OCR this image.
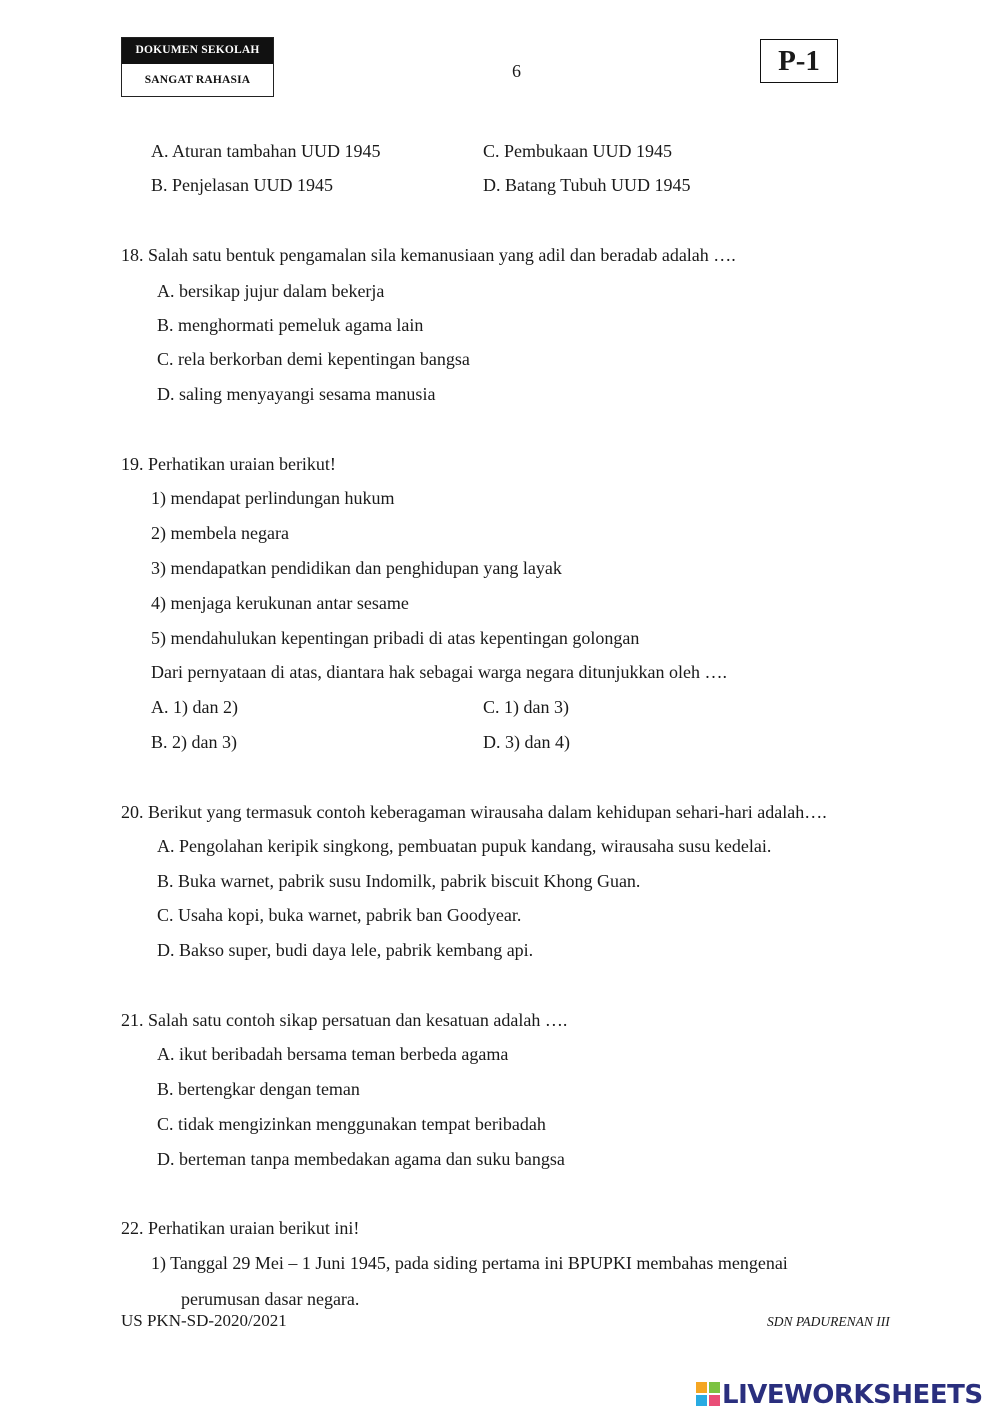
DOKUMEN SEKOLAH
SANGAT RAHASIA	6	P-1
A. Aturan tambahan UUD 1945	C. Pembukaan UUD 1945
B. Penjelasan UUD 1945	D. Batang Tubuh UUD 1945
18. Salah satu bentuk pengamalan sila kemanusiaan yang adil dan beradab adalah ….
A. bersikap jujur dalam bekerja
B. menghormati pemeluk agama lain
C. rela berkorban demi kepentingan bangsa
D. saling menyayangi sesama manusia
19. Perhatikan uraian berikut!
1) mendapat perlindungan hukum
2) membela negara
3) mendapatkan pendidikan dan penghidupan yang layak
4) menjaga kerukunan antar sesame
5) mendahulukan kepentingan pribadi di atas kepentingan golongan
Dari pernyataan di atas, diantara hak sebagai warga negara ditunjukkan oleh ….
A. 1) dan 2)	C. 1) dan 3)
B. 2) dan 3)	D. 3) dan 4)
20. Berikut yang termasuk contoh keberagaman wirausaha dalam kehidupan sehari-hari adalah….
A. Pengolahan keripik singkong, pembuatan pupuk kandang, wirausaha susu kedelai.
B. Buka warnet, pabrik susu Indomilk, pabrik biscuit Khong Guan.
C. Usaha kopi, buka warnet, pabrik ban Goodyear.
D. Bakso super, budi daya lele, pabrik kembang api.
21. Salah satu contoh sikap persatuan dan kesatuan adalah ….
A. ikut beribadah bersama teman berbeda agama
B. bertengkar dengan teman
C. tidak mengizinkan menggunakan tempat beribadah
D. berteman tanpa membedakan agama dan suku bangsa
22. Perhatikan uraian berikut ini!
1) Tanggal 29 Mei – 1 Juni 1945, pada siding pertama ini BPUPKI membahas mengenai
perumusan dasar negara.
US PKN-SD-2020/2021	SDN PADURENAN III
LIVEWORKSHEETS
